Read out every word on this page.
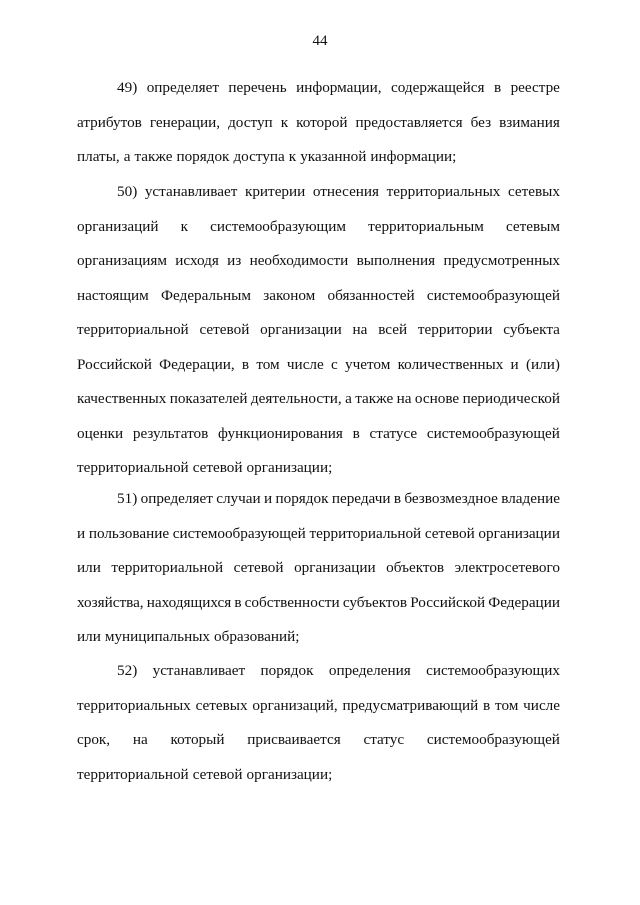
44
49) определяет перечень информации, содержащейся в реестре
атрибутов генерации, доступ к которой предоставляется без взимания
платы, а также порядок доступа к указанной информации;
50) устанавливает критерии отнесения территориальных сетевых
организаций к системообразующим территориальным сетевым
организациям исходя из необходимости выполнения предусмотренных
настоящим Федеральным законом обязанностей системообразующей
территориальной сетевой организации на всей территории субъекта
Российской Федерации, в том числе с учетом количественных и (или)
качественных показателей деятельности, а также на основе периодической
оценки результатов функционирования в статусе системообразующей
территориальной сетевой организации;
51) определяет случаи и порядок передачи в безвозмездное владение
и пользование системообразующей территориальной сетевой организации
или территориальной сетевой организации объектов электросетевого
хозяйства, находящихся в собственности субъектов Российской Федерации
или муниципальных образований;
52) устанавливает порядок определения системообразующих
территориальных сетевых организаций, предусматривающий в том числе
срок, на который присваивается статус системообразующей
территориальной сетевой организации;
